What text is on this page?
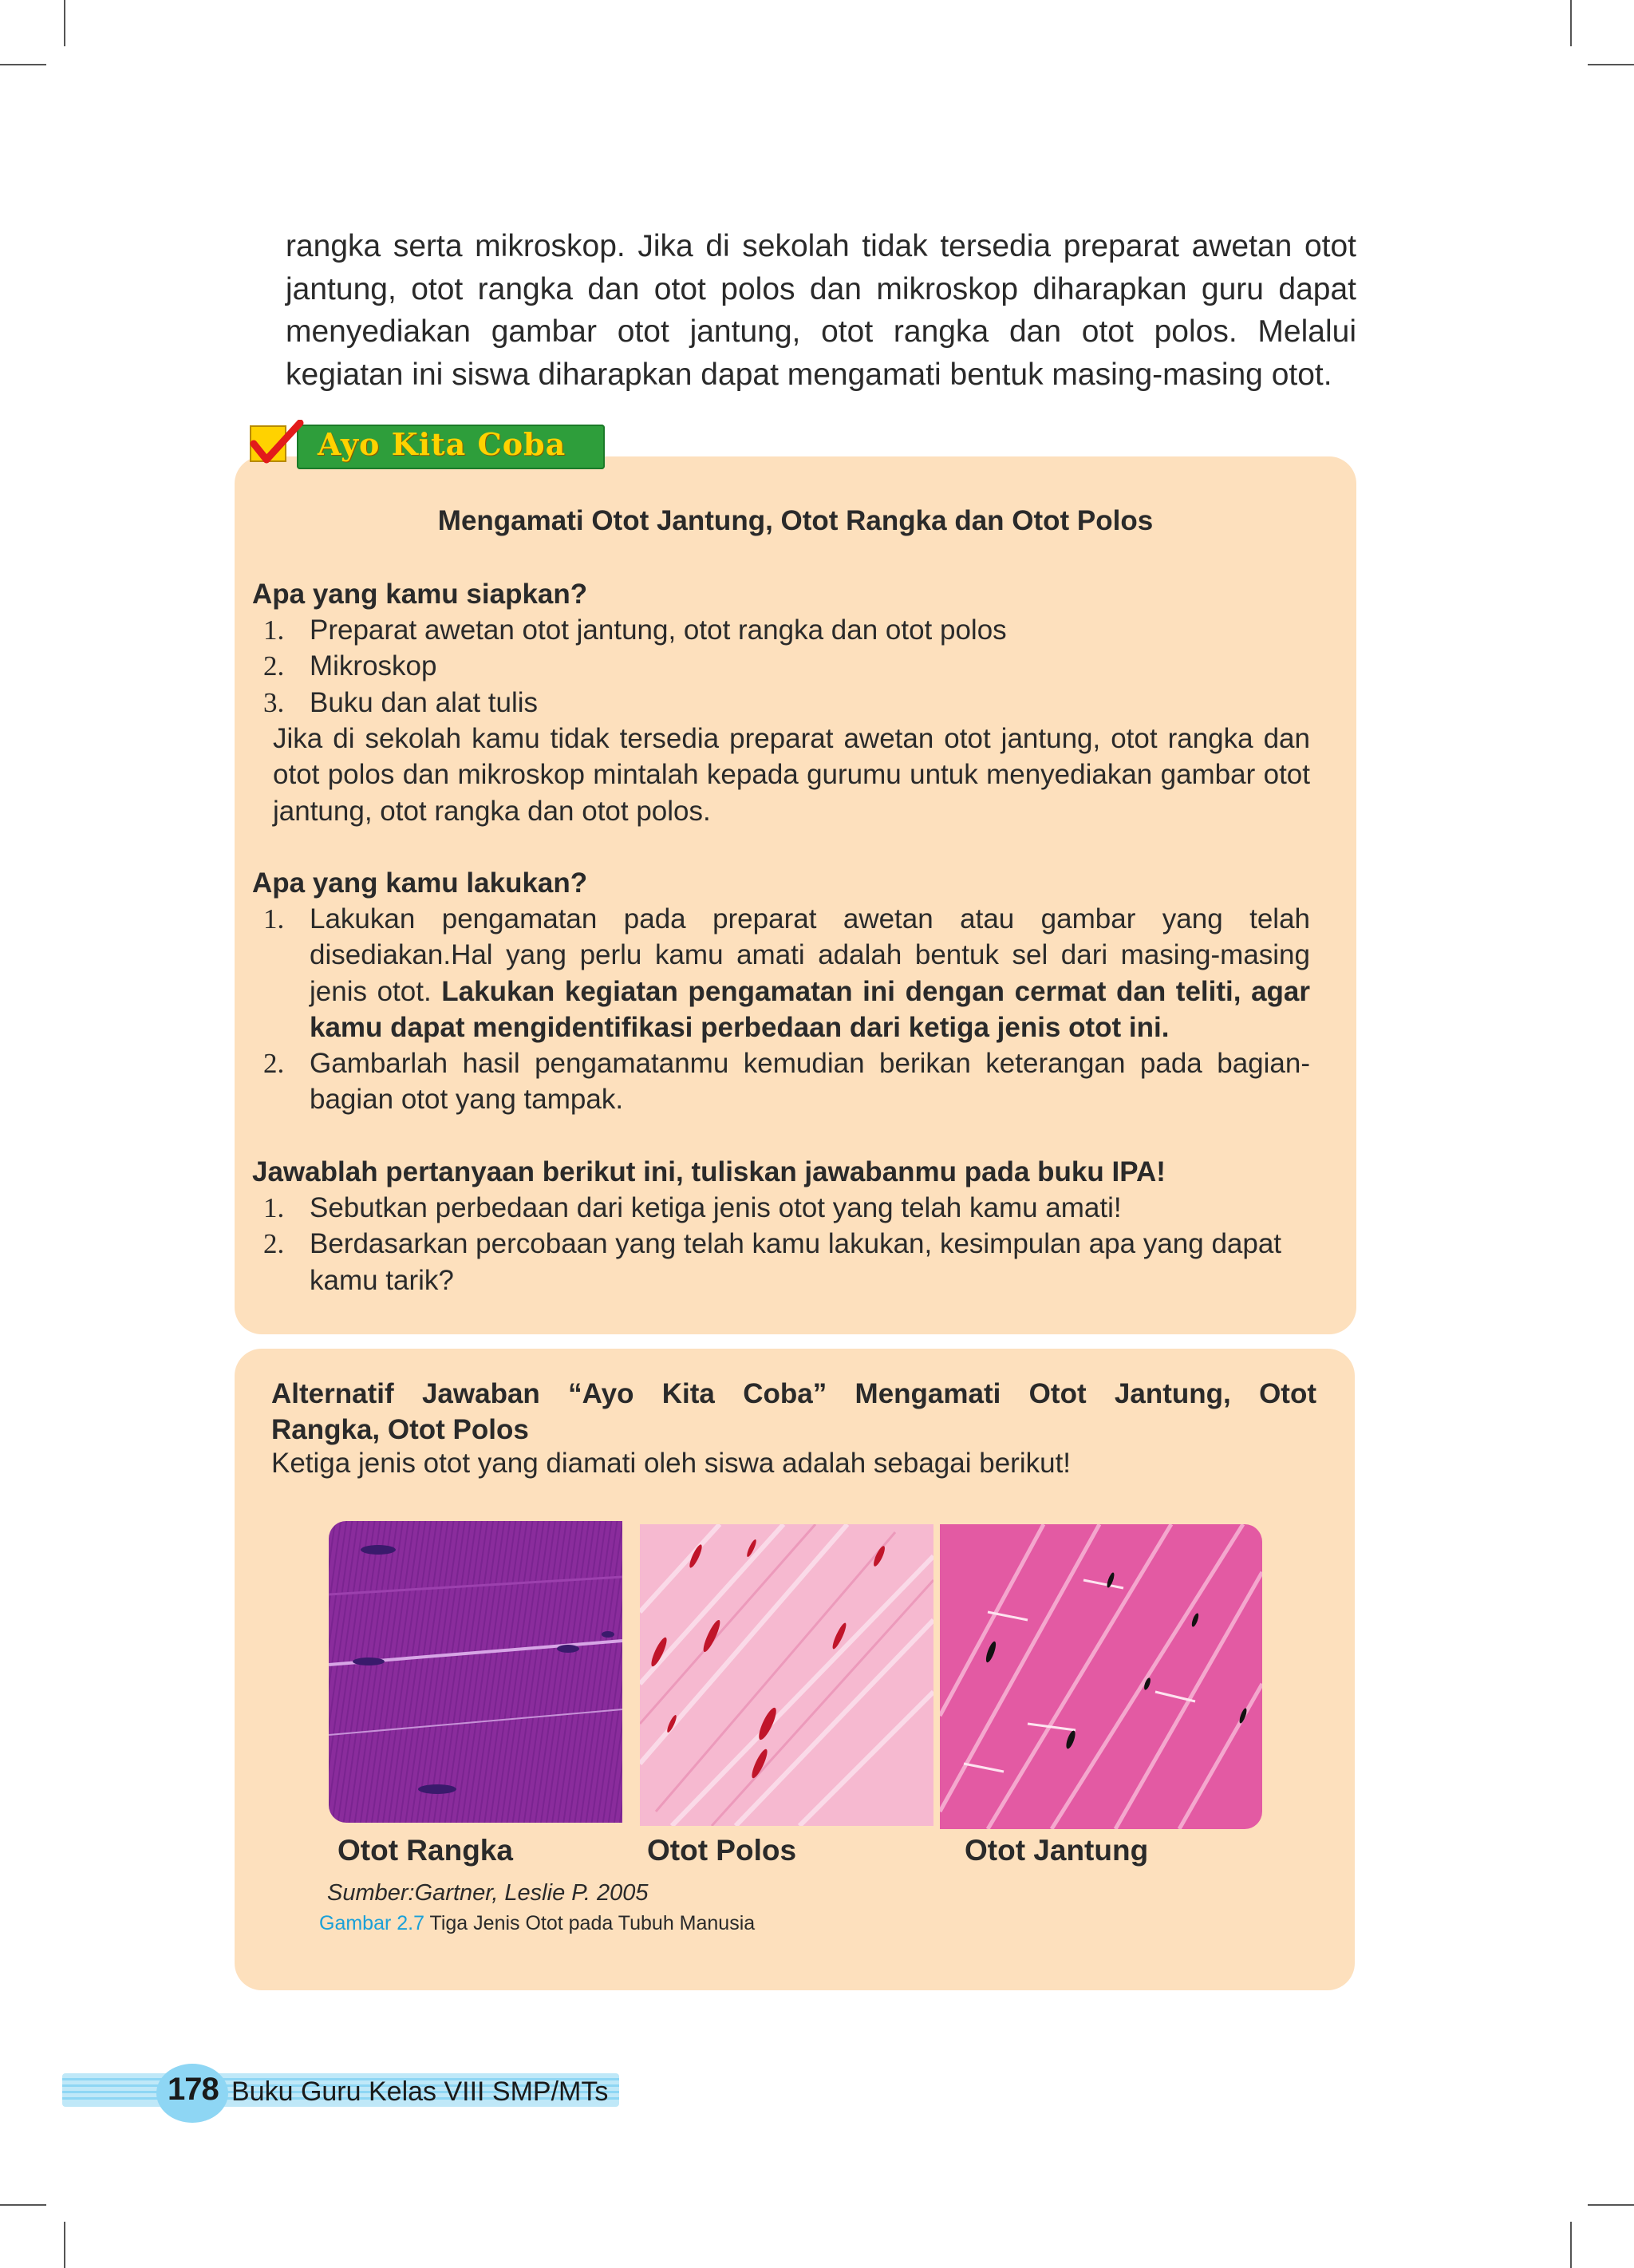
rangka serta mikroskop. Jika di sekolah tidak tersedia preparat awetan otot jantung, otot rangka dan otot polos dan mikroskop diharapkan guru dapat menyediakan gambar otot jantung, otot rangka dan otot polos. Melalui kegiatan ini siswa diharapkan dapat mengamati bentuk masing-masing otot.
Mengamati Otot Jantung, Otot Rangka dan Otot Polos
Apa yang kamu siapkan?
1. Preparat awetan otot jantung, otot rangka dan otot polos
2. Mikroskop
3. Buku dan alat tulis
Jika di sekolah kamu tidak tersedia preparat awetan otot jantung, otot rangka dan otot polos dan mikroskop mintalah kepada gurumu untuk menyediakan gambar otot jantung, otot rangka dan otot polos.
Apa yang kamu lakukan?
1. Lakukan pengamatan pada preparat awetan atau gambar yang telah disediakan.Hal yang perlu kamu amati adalah bentuk sel dari masing-masing jenis otot. Lakukan kegiatan pengamatan ini dengan cermat dan teliti, agar kamu dapat mengidentifikasi perbedaan dari ketiga jenis otot ini.
2. Gambarlah hasil pengamatanmu kemudian berikan keterangan pada bagian-bagian otot yang tampak.
Jawablah pertanyaan berikut ini, tuliskan jawabanmu pada buku IPA!
1. Sebutkan perbedaan dari ketiga jenis otot yang telah kamu amati!
2. Berdasarkan percobaan yang telah kamu lakukan, kesimpulan apa yang dapat kamu tarik?
Ayo Kita Coba
Alternatif Jawaban “Ayo Kita Coba” Mengamati Otot Jantung, Otot
Rangka, Otot Polos
Ketiga jenis otot yang diamati oleh siswa adalah sebagai berikut!
Otot Rangka	Otot Polos	Otot Jantung
Sumber:Gartner, Leslie P. 2005
Gambar 2.7 Tiga Jenis Otot pada Tubuh Manusia
178 Buku Guru Kelas VIII SMP/MTs
